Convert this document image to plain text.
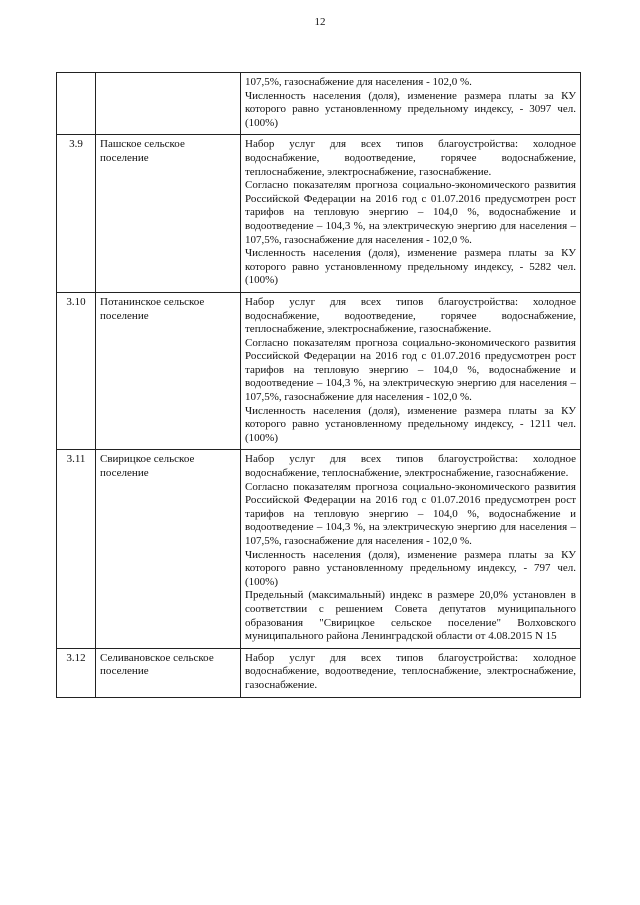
12

		107,5%, газоснабжение для населения - 102,0 %.

Численность населения (доля), изменение размера платы за КУ которого равно установленному предельному индексу, - 3097 чел. (100%)

3.9	Пашское сельское поселение	Набор услуг для всех типов благоустройства: холодное водоснабжение, водоотведение, горячее водоснабжение, теплоснабжение, электроснабжение, газоснабжение.

Согласно показателям прогноза социально-экономического развития Российской Федерации на 2016 год с 01.07.2016 предусмотрен рост тарифов на тепловую энергию – 104,0 %, водоснабжение и водоотведение – 104,3 %, на электрическую энергию для населения – 107,5%, газоснабжение для населения - 102,0 %.

Численность населения (доля), изменение размера платы за КУ которого равно установленному предельному индексу, - 5282 чел. (100%)

3.10	Потанинское сельское поселение	Набор услуг для всех типов благоустройства: холодное водоснабжение, водоотведение, горячее водоснабжение, теплоснабжение, электроснабжение, газоснабжение.

Согласно показателям прогноза социально-экономического развития Российской Федерации на 2016 год с 01.07.2016 предусмотрен рост тарифов на тепловую энергию – 104,0 %, водоснабжение и водоотведение – 104,3 %, на электрическую энергию для населения – 107,5%, газоснабжение для населения - 102,0 %.

Численность населения (доля), изменение размера платы за КУ которого равно установленному предельному индексу, - 1211 чел. (100%)

3.11	Свирицкое сельское поселение	Набор услуг для всех типов благоустройства: холодное водоснабжение, теплоснабжение, электроснабжение, газоснабжение.

Согласно показателям прогноза социально-экономического развития Российской Федерации на 2016 год с 01.07.2016 предусмотрен рост тарифов на тепловую энергию – 104,0 %, водоснабжение и водоотведение – 104,3 %, на электрическую энергию для населения – 107,5%, газоснабжение для населения - 102,0 %.

Численность населения (доля), изменение размера платы за КУ которого равно установленному предельному индексу, - 797 чел. (100%)

Предельный (максимальный) индекс в размере 20,0% установлен в соответствии с решением Совета депутатов муниципального образования "Свирицкое сельское поселение" Волховского муниципального района Ленинградской области от 4.08.2015 N 15

3.12	Селивановское сельское поселение	Набор услуг для всех типов благоустройства: холодное водоснабжение, водоотведение, теплоснабжение, электроснабжение, газоснабжение.
